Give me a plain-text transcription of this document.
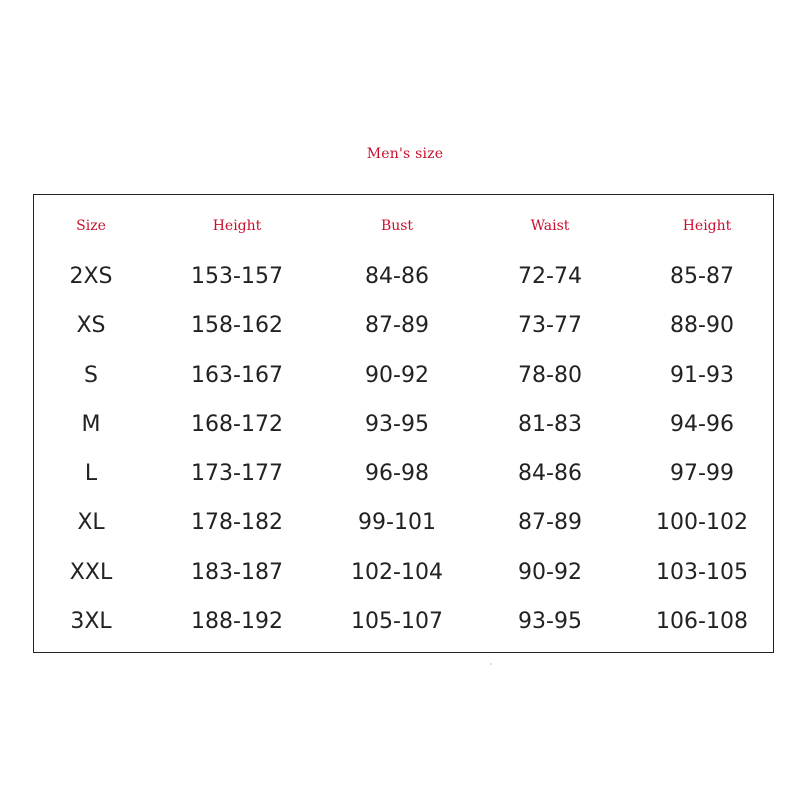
Men's size
Size	Height	Bust	Waist	Height
2XS	153-157	84-86	72-74	85-87
XS	158-162	87-89	73-77	88-90
S	163-167	90-92	78-80	91-93
M	168-172	93-95	81-83	94-96
L	173-177	96-98	84-86	97-99
XL	178-182	99-101	87-89	100-102
XXL	183-187	102-104	90-92	103-105
3XL	188-192	105-107	93-95	106-108
